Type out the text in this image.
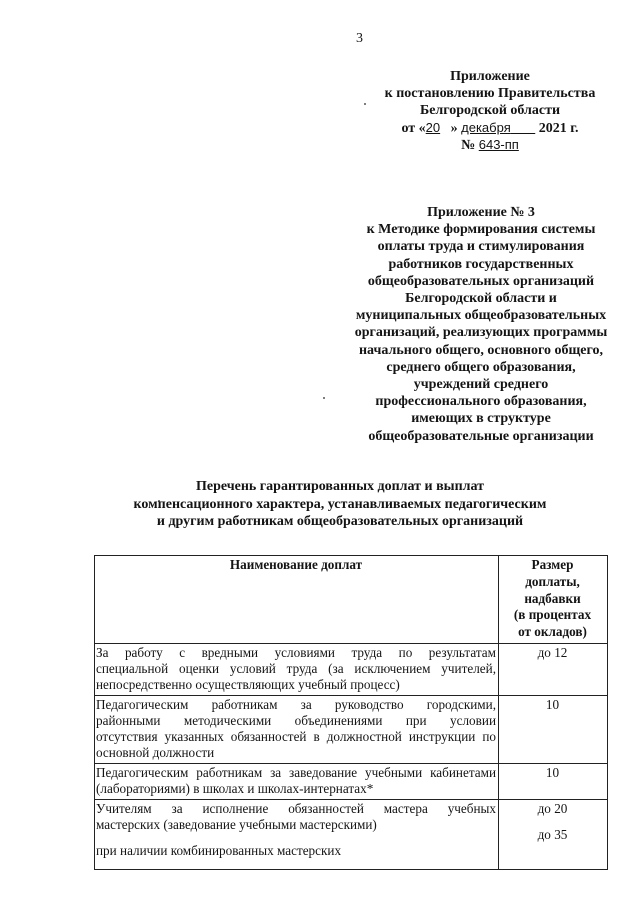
3
Приложение
к постановлению Правительства
Белгородской области
от «20 » декабря 2021 г.
№ 643-пп
Приложение № 3
к Методике формирования системы
оплаты труда и стимулирования
работников государственных
общеобразовательных организаций
Белгородской области и
муниципальных общеобразовательных
организаций, реализующих программы
начального общего, основного общего,
среднего общего образования,
учреждений среднего
профессионального образования,
имеющих в структуре
общеобразовательные организации
Перечень гарантированных доплат и выплат
компенсационного характера, устанавливаемых педагогическим
и другим работникам общеобразовательных организаций
Наименование доплат	Размер
доплаты,
надбавки
(в процентах
от окладов)

За работу с вредными условиями труда по результатам
специальной оценки условий труда (за исключением учителей,
непосредственно осуществляющих учебный процесс)	до 12

Педагогическим работникам за руководство городскими,
районными методическими объединениями при условии
отсутствия указанных обязанностей в должностной инструкции по
основной должности	10

Педагогическим работникам за заведование учебными кабинетами
(лабораториями) в школах и школах-интернатах*	10

Учителям за исполнение обязанностей мастера учебных
мастерских (заведование учебными мастерскими)
при наличии комбинированных мастерских	до 20
до 35
